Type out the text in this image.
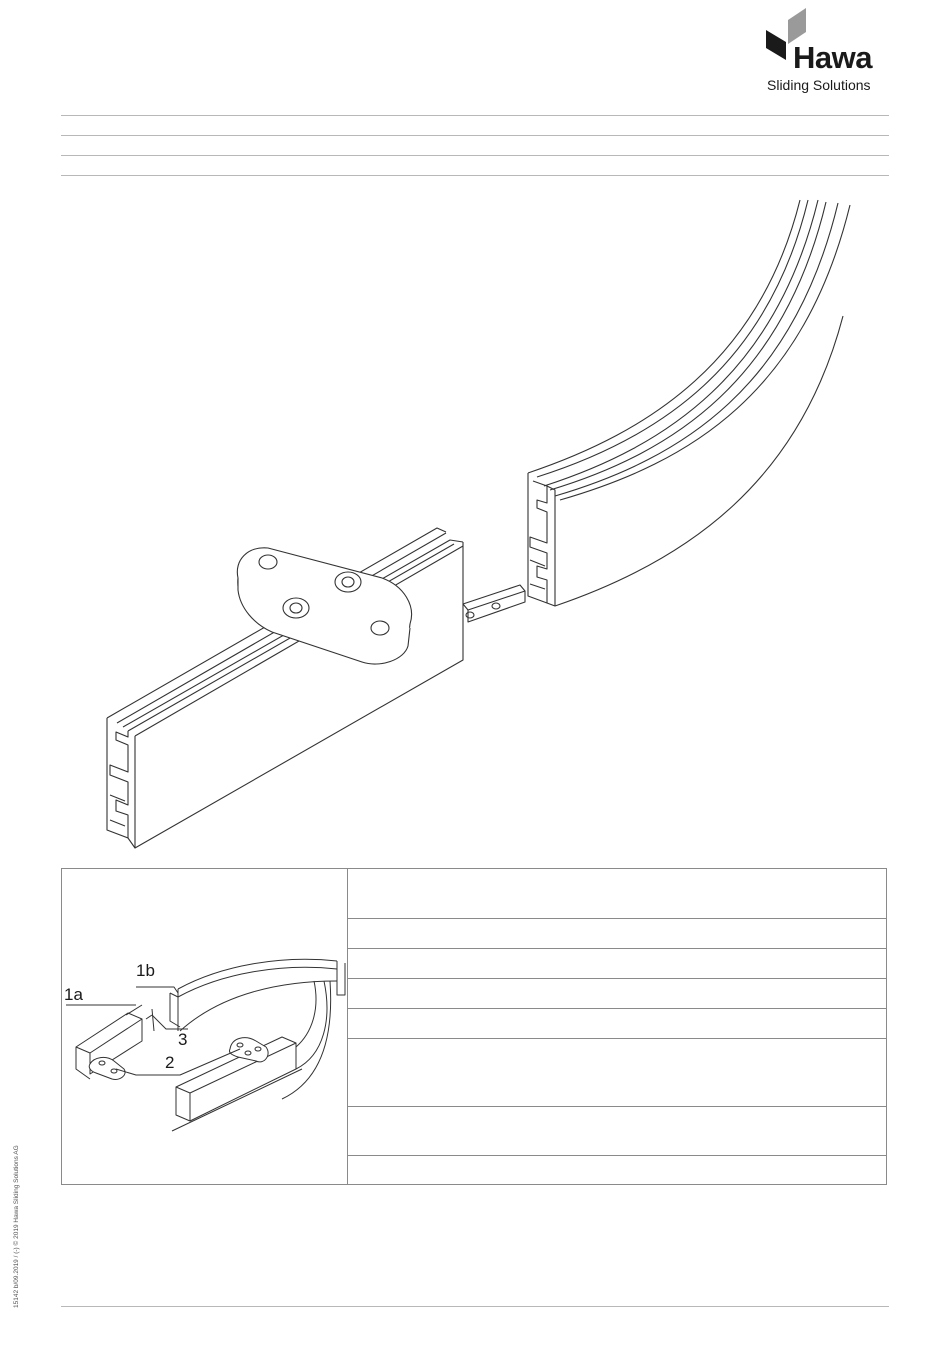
Hawa
Sliding Solutions
1a
1b
2
3
15142 b/09.2019 / (-) © 2019 Hawa Sliding Solutions AG
